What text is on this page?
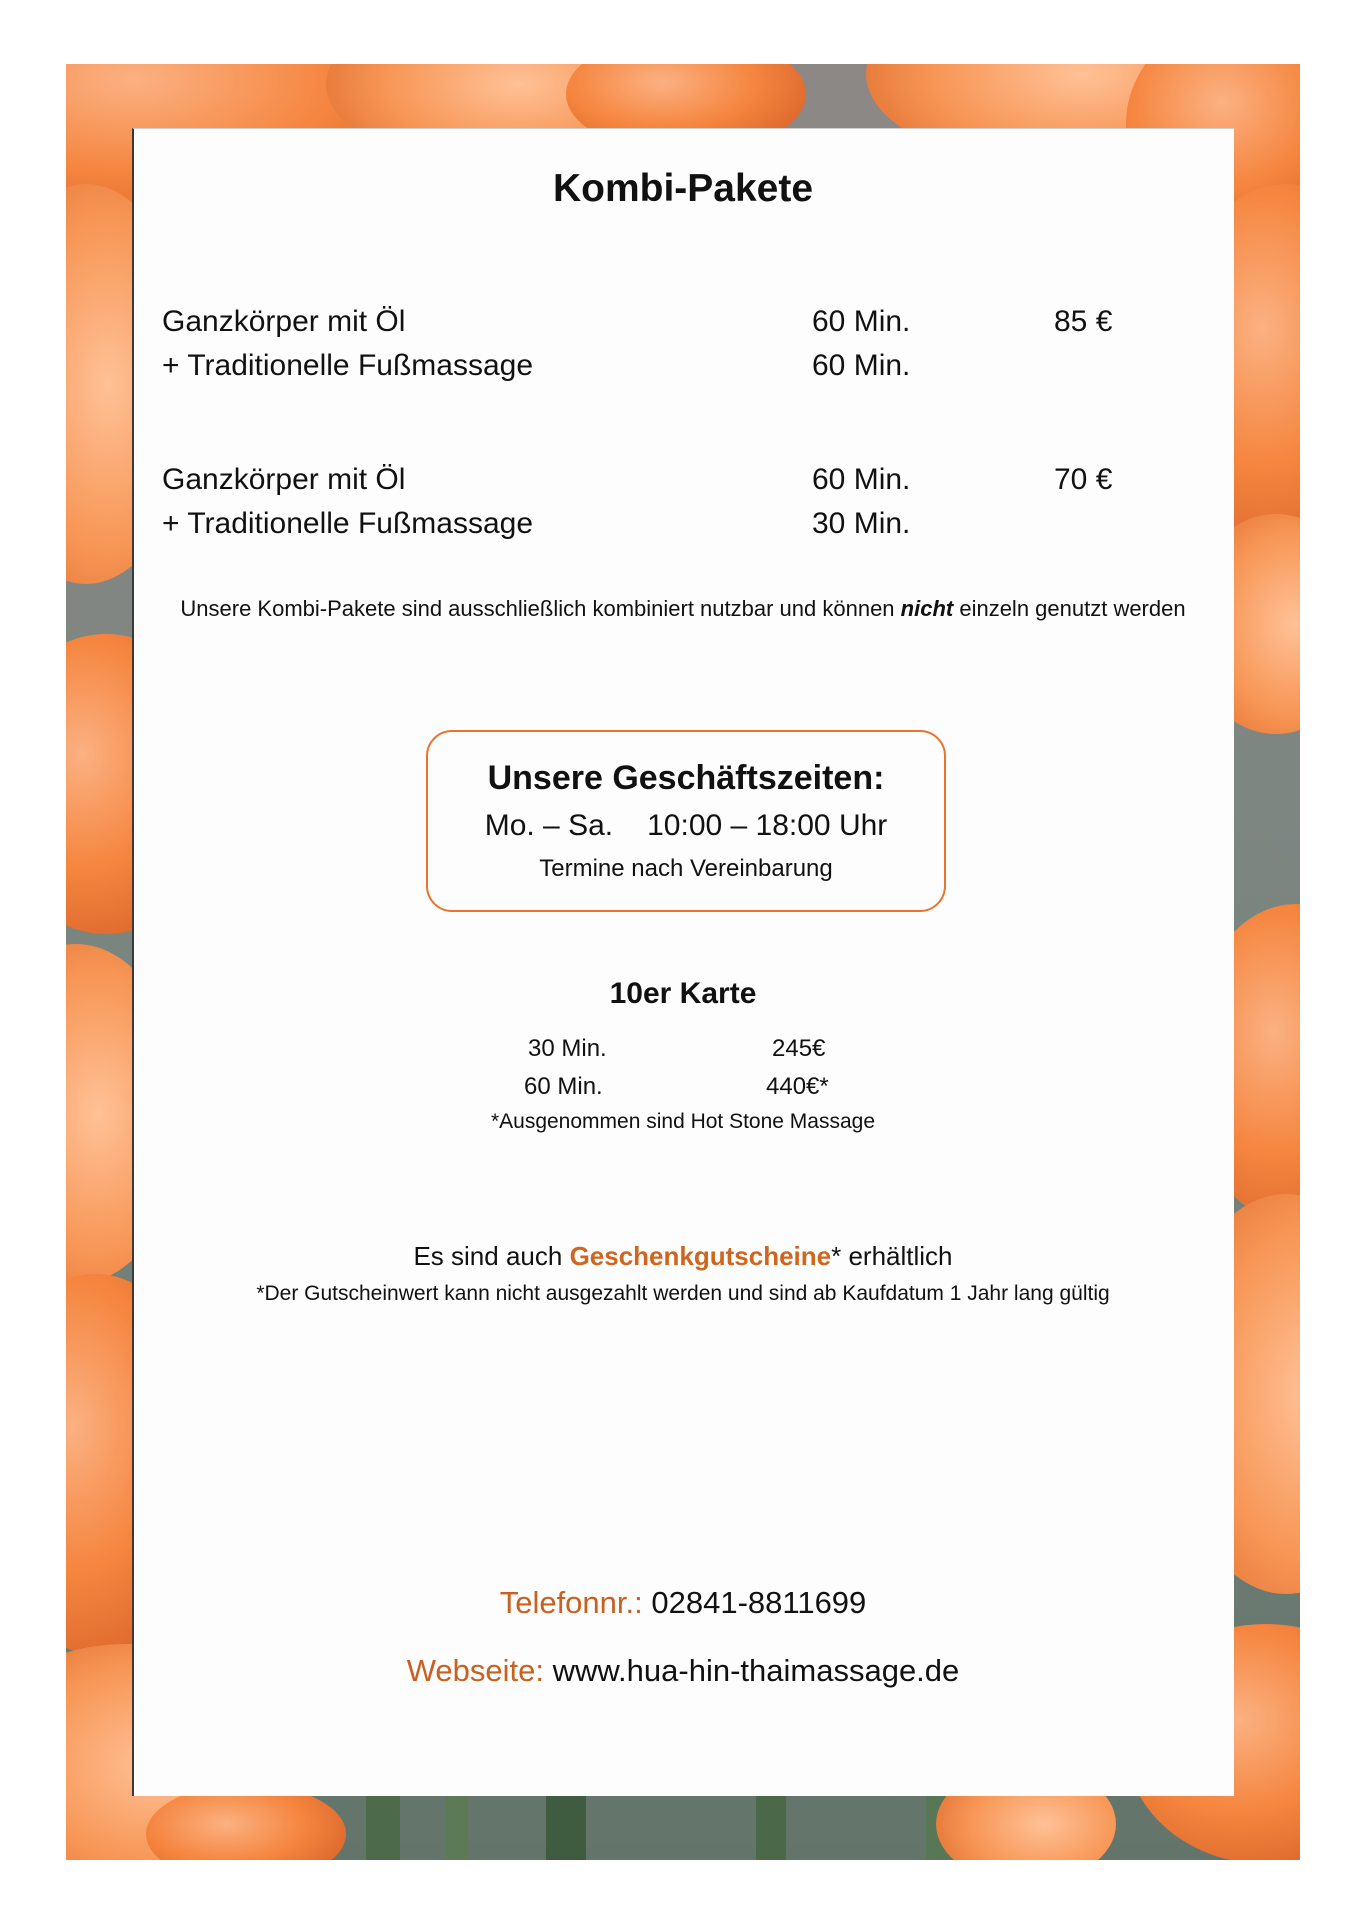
Kombi-Pakete
Ganzkörper mit Öl	60 Min.	85 €
+ Traditionelle Fußmassage	60 Min.
Ganzkörper mit Öl	60 Min.	70 €
+ Traditionelle Fußmassage	30 Min.

Unsere Kombi-Pakete sind ausschließlich kombiniert nutzbar und können nicht einzeln genutzt werden

Unsere Geschäftszeiten:
Mo. – Sa. 10:00 – 18:00 Uhr
Termine nach Vereinbarung
10er Karte
30 Min.	245€
60 Min.	440€*
*Ausgenommen sind Hot Stone Massage
Es sind auch Geschenkgutscheine* erhältlich
*Der Gutscheinwert kann nicht ausgezahlt werden und sind ab Kaufdatum 1 Jahr lang gültig
Telefonnr.: 02841-8811699
Webseite: www.hua-hin-thaimassage.de
